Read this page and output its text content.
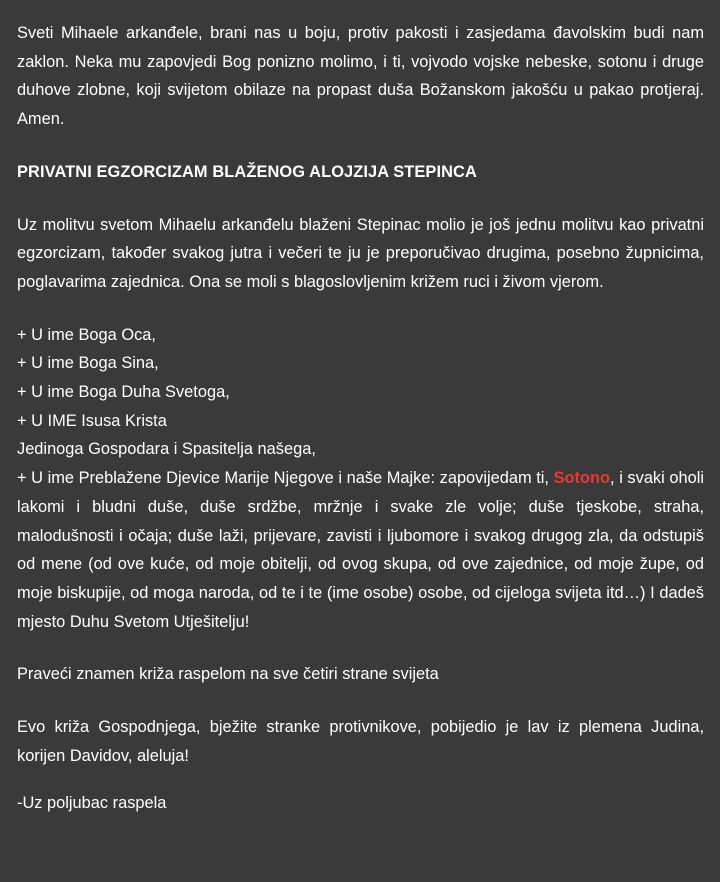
Sveti Mihaele arkanđele, brani nas u boju, protiv pakosti i zasjedama đavolskim budi nam zaklon. Neka mu zapovjedi Bog ponizno molimo, i ti, vojvodo vojske nebeske, sotonu i druge duhove zlobne, koji svijetom obilaze na propast duša Božanskom jakošću u pakao protjeraj. Amen.

PRIVATNI EGZORCIZAM BLAŽENOG ALOJZIJA STEPINCA

Uz molitvu svetom Mihaelu arkanđelu blaženi Stepinac molio je još jednu molitvu kao privatni egzorcizam, također svakog jutra i večeri te ju je preporučivao drugima, posebno župnicima, poglavarima zajednica. Ona se moli s blagoslovljenim križem ruci i živom vjerom.

+ U ime Boga Oca,

+ U ime Boga Sina,

+ U ime Boga Duha Svetoga,

+ U IME Isusa Krista

Jedinoga Gospodara i Spasitelja našega,

+ U ime Preblažene Djevice Marije Njegove i naše Majke: zapovijedam ti, Sotono, i svaki oholi lakomi i bludni duše, duše srdžbe, mržnje i svake zle volje; duše tjeskobe, straha, malodušnosti i očaja; duše laži, prijevare, zavisti i ljubomore i svakog drugog zla, da odstupiš od mene (od ove kuće, od moje obitelji, od ovog skupa, od ove zajednice, od moje župe, od moje biskupije, od moga naroda, od te i te (ime osobe) osobe, od cijeloga svijeta itd…) I dadeš mjesto Duhu Svetom Utješitelju!

Praveći znamen križa raspelom na sve četiri strane svijeta

Evo križa Gospodnjega, bježite stranke protivnikove, pobijedio je lav iz plemena Judina, korijen Davidov, aleluja!

-Uz poljubac raspela
